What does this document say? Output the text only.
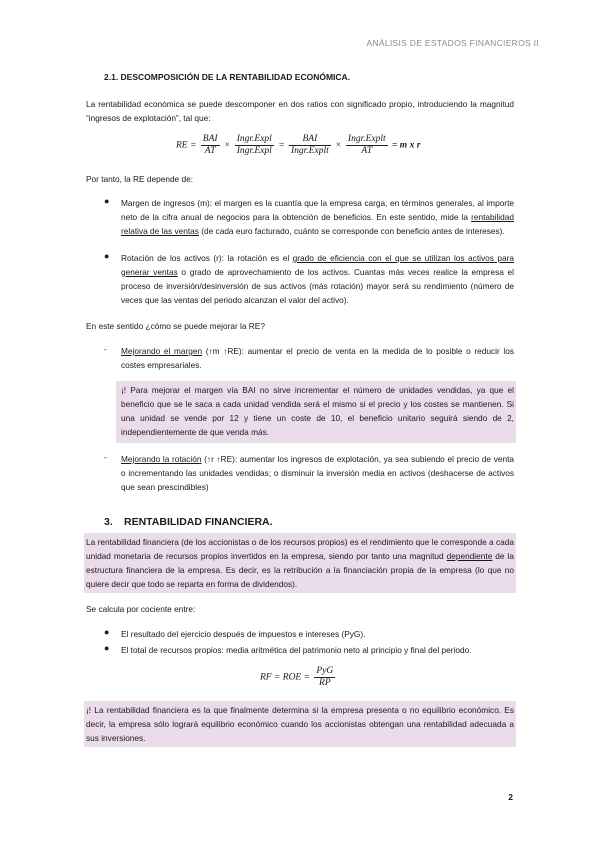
ANÁLISIS DE ESTADOS FINANCIEROS II
2.1. DESCOMPOSICIÓN DE LA RENTABILIDAD ECONÓMICA.
La rentabilidad económica se puede descomponer en dos ratios con significado propio, introduciendo la magnitud “ingresos de explotación”, tal que:
RE = $\frac{\text{BAI}}{AT} \times \frac{\text{Ingr.Expl}}{\text{Ingr.Expl}} = \frac{\text{BAI}}{\text{Ingr.Explt}} \times \frac{\text{Ingr.Explt}}{AT} = m$ x r
Por tanto, la RE depende de:
● Margen de ingresos (m): el margen es la cuantía que la empresa carga, en términos generales, al importe neto de la cifra anual de negocios para la obtención de beneficios. En este sentido, mide la rentabilidad relativa de las ventas (de cada euro facturado, cuánto se corresponde con beneficio antes de intereses).
● Rotación de los activos (r): la rotación es el grado de eficiencia con el que se utilizan los activos para generar ventas o grado de aprovechamiento de los activos. Cuantas más veces realice la empresa el proceso de inversión/desinversión de sus activos (más rotación) mayor será su rendimiento (número de veces que las ventas del periodo alcanzan el valor del activo).
En este sentido ¿cómo se puede mejorar la RE?
- Mejorando el margen (↑m ↑RE): aumentar el precio de venta en la medida de lo posible o reducir los costes empresariales.
¡! Para mejorar el margen vía BAI no sirve incrementar el número de unidades vendidas, ya que el beneficio que se le saca a cada unidad vendida será el mismo si el precio y los costes se mantienen. Si una unidad se vende por 12 y tiene un coste de 10, el beneficio unitario seguirá siendo de 2, independientemente de que venda más.
- Mejorando la rotación (↑r ↑RE): aumentar los ingresos de explotación, ya sea subiendo el precio de venta o incrementando las unidades vendidas; o disminuir la inversión media en activos (deshacerse de activos que sean prescindibles)
3. RENTABILIDAD FINANCIERA.
La rentabilidad financiera (de los accionistas o de los recursos propios) es el rendimiento que le corresponde a cada unidad monetaria de recursos propios invertidos en la empresa, siendo por tanto una magnitud dependiente de la estructura financiera de la empresa. Es decir, es la retribución a la financiación propia de la empresa (lo que no quiere decir que todo se reparta en forma de dividendos).
Se calcula por cociente entre:
● El resultado del ejercicio después de impuestos e intereses (PyG).
● El total de recursos propios: media aritmética del patrimonio neto al principio y final del periodo.
RF = ROE = $\frac{\text{PyG}}{RP}$
¡! La rentabilidad financiera es la que finalmente determina si la empresa presenta o no equilibrio económico. Es decir, la empresa sólo logrará equilibrio económico cuando los accionistas obtengan una rentabilidad adecuada a sus inversiones.
2
